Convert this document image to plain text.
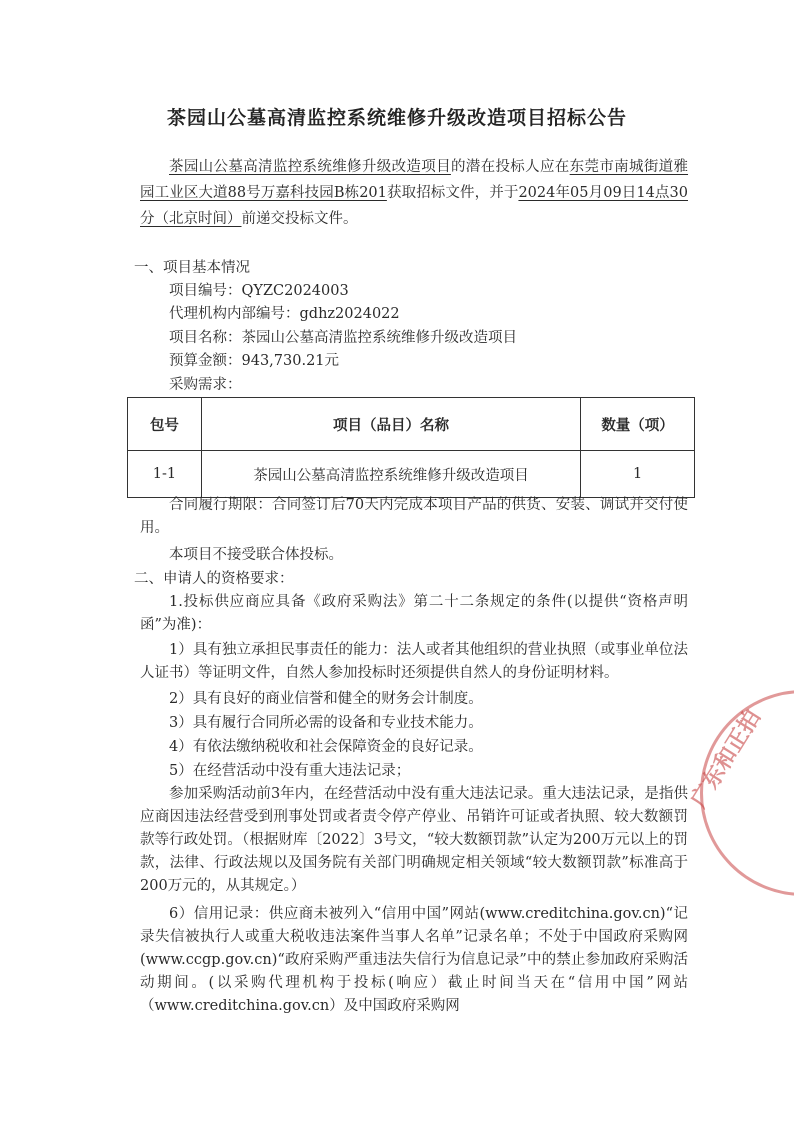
茶园山公墓高清监控系统维修升级改造项目招标公告
茶园山公墓高清监控系统维修升级改造项目的潜在投标人应在东莞市南城街道雅园工业区大道88号万嘉科技园B栋201获取招标文件，并于2024年05月09日14点30分（北京时间）前递交投标文件。
一、项目基本情况
项目编号：QYZC2024003
代理机构内部编号：gdhz2024022
项目名称：茶园山公墓高清监控系统维修升级改造项目
预算金额：943,730.21元
采购需求：
包号	项目（品目）名称	数量（项）
1-1	茶园山公墓高清监控系统维修升级改造项目	1
合同履行期限：合同签订后70天内完成本项目产品的供货、安装、调试并交付使用。
本项目不接受联合体投标。
二、申请人的资格要求：
1.投标供应商应具备《政府采购法》第二十二条规定的条件(以提供“资格声明函”为准)：
1）具有独立承担民事责任的能力：法人或者其他组织的营业执照（或事业单位法人证书）等证明文件，自然人参加投标时还须提供自然人的身份证明材料。
2）具有良好的商业信誉和健全的财务会计制度。
3）具有履行合同所必需的设备和专业技术能力。
4）有依法缴纳税收和社会保障资金的良好记录。
5）在经营活动中没有重大违法记录；
参加采购活动前3年内，在经营活动中没有重大违法记录。重大违法记录，是指供应商因违法经营受到刑事处罚或者责令停产停业、吊销许可证或者执照、较大数额罚款等行政处罚。（根据财库〔2022〕3号文，“较大数额罚款”认定为200万元以上的罚款，法律、行政法规以及国务院有关部门明确规定相关领域“较大数额罚款”标准高于200万元的，从其规定。）
6）信用记录：供应商未被列入“信用中国”网站(www.creditchina.gov.cn)“记录失信被执行人或重大税收违法案件当事人名单”记录名单；不处于中国政府采购网(www.ccgp.gov.cn)“政府采购严重违法失信行为信息记录”中的禁止参加政府采购活动期间。(以采购代理机构于投标(响应）截止时间当天在“信用中国”网站（www.creditchina.gov.cn）及中国政府采购网
广东和正拍
